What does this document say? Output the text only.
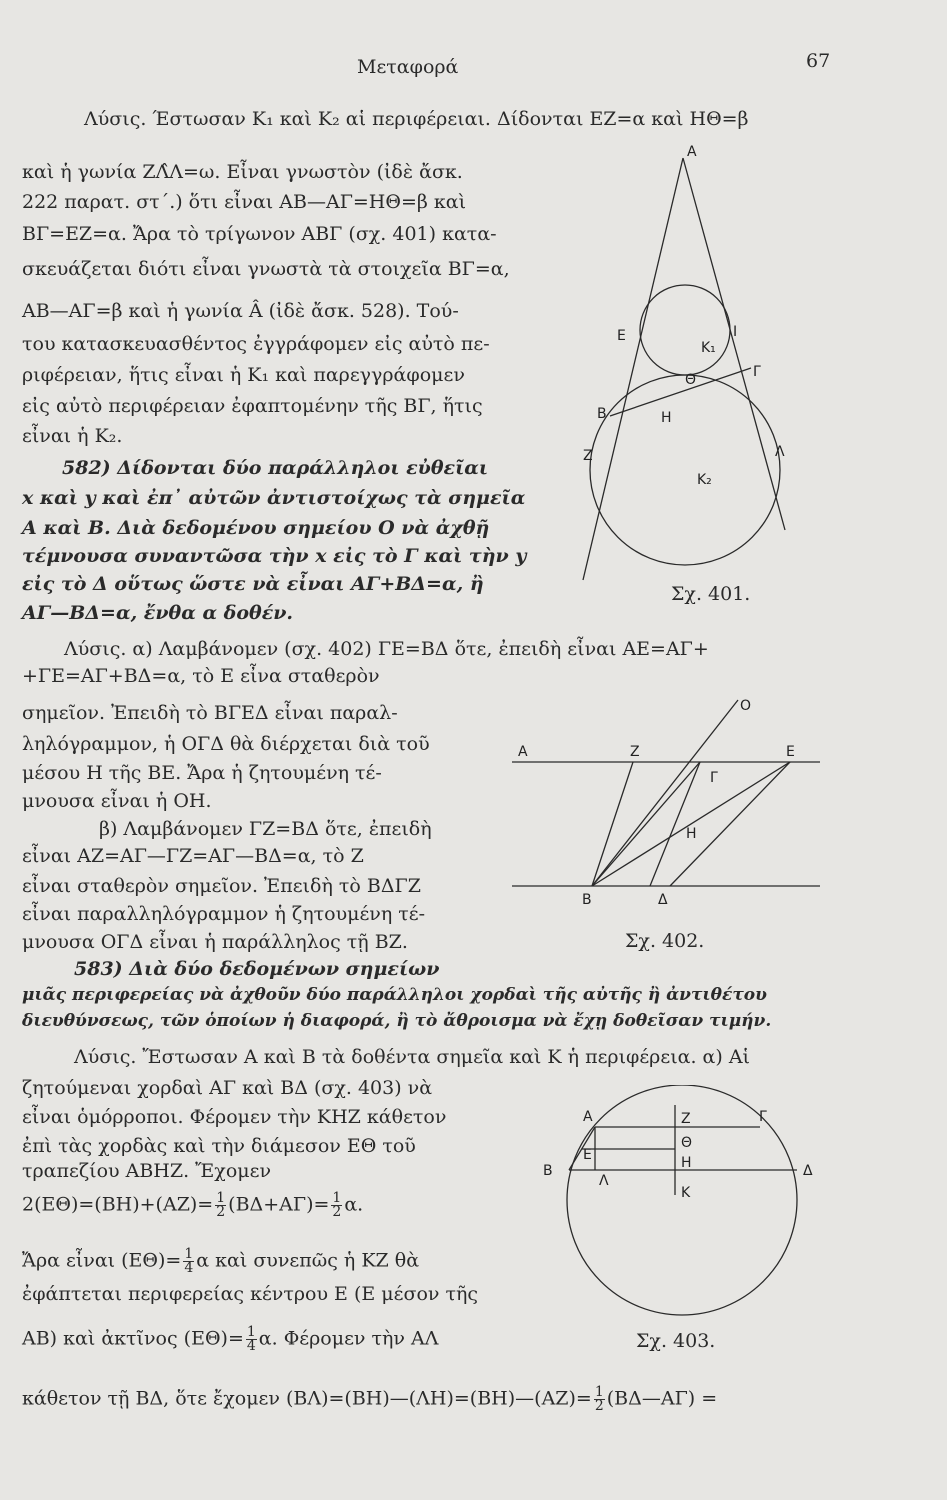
Μεταφορά	67
Λύσις. Έστωσαν Κ₁ καὶ Κ₂ αἱ περιφέρειαι. Δίδονται ΕΖ=α καὶ ΗΘ=β
καὶ ἡ γωνία ΖΛ̂Λ=ω. Εἶναι γνωστὸν (ἰδὲ ἄσκ.
222 παρατ. στ΄.) ὅτι εἶναι ΑΒ—ΑΓ=ΗΘ=β καὶ
ΒΓ=ΕΖ=α. Ἄρα τὸ τρίγωνον ΑΒΓ (σχ. 401) κατα-
σκευάζεται διότι εἶναι γνωστὰ τὰ στοιχεῖα ΒΓ=α,
ΑΒ—ΑΓ=β καὶ ἡ γωνία Â (ἰδὲ ἄσκ. 528). Τού-
του κατασκευασθέντος ἐγγράφομεν εἰς αὐτὸ πε-
ριφέρειαν, ἥτις εἶναι ἡ Κ₁ καὶ παρεγγράφομεν
εἰς αὐτὸ περιφέρειαν ἐφαπτομένην τῆς ΒΓ, ἥτις
εἶναι ἡ Κ₂.
582) Δίδονται δύο παράλληλοι εὐθεῖαι
x καὶ y καὶ ἐπ᾽ αὐτῶν ἀντιστοίχως τὰ σημεῖα
Α καὶ Β. Διὰ δεδομένου σημείου Ο νὰ ἀχθῇ
τέμνουσα συναντῶσα τὴν x εἰς τὸ Γ καὶ τὴν y
εἰς τὸ Δ οὕτως ὥστε νὰ εἶναι ΑΓ+ΒΔ=α, ἢ
ΑΓ—ΒΔ=α, ἔνθα α δοθέν.
Α
Ε	Ι
Κ₁
Θ	Γ
Β	Η
Ζ	Λ
Κ₂
Σχ. 401.
Λύσις. α) Λαμβάνομεν (σχ. 402) ΓΕ=ΒΔ ὅτε, ἐπειδὴ εἶναι ΑΕ=ΑΓ+
+ΓΕ=ΑΓ+ΒΔ=α, τὸ Ε εἶνα σταθερὸν
σημεῖον. Ἐπειδὴ τὸ ΒΓΕΔ εἶναι παραλ-
ληλόγραμμον, ἡ ΟΓΔ θὰ διέρχεται διὰ τοῦ
μέσου Η τῆς ΒΕ. Ἄρα ἡ ζητουμένη τέ-
μνουσα εἶναι ἡ ΟΗ.
β) Λαμβάνομεν ΓΖ=ΒΔ ὅτε, ἐπειδὴ
εἶναι ΑΖ=ΑΓ—ΓΖ=ΑΓ—ΒΔ=α, τὸ Ζ
εἶναι σταθερὸν σημεῖον. Ἐπειδὴ τὸ ΒΔΓΖ
εἶναι παραλληλόγραμμον ἡ ζητουμένη τέ-
μνουσα ΟΓΔ εἶναι ἡ παράλληλος τῇ ΒΖ.
Ο
Α	Ζ	Ε
Γ
Η
Β	Δ
Σχ. 402.
583) Διὰ δύο δεδομένων σημείων
μιᾶς περιφερείας νὰ ἀχθοῦν δύο παράλληλοι χορδαὶ τῆς αὐτῆς ἢ ἀντιθέτου
διευθύνσεως, τῶν ὁποίων ἡ διαφορά, ἢ τὸ ἄθροισμα νὰ ἔχῃ δοθεῖσαν τιμήν.
Λύσις. Ἔστωσαν Α καὶ Β τὰ δοθέντα σημεῖα καὶ Κ ἡ περιφέρεια. α) Αἱ
ζητούμεναι χορδαὶ ΑΓ καὶ ΒΔ (σχ. 403) νὰ
εἶναι ὁμόρροποι. Φέρομεν τὴν ΚΗΖ κάθετον
ἐπὶ τὰς χορδὰς καὶ τὴν διάμεσον ΕΘ τοῦ
τραπεζίου ΑΒΗΖ. Ἔχομεν
$2(E\Theta)=(BH)+(AZ)= \frac{1}{2} (B\Delta+A\Gamma)= \frac{1}{2} \alpha$.
Ἄρα εἶναι $(E\Theta)= \frac{1}{4}$ α καὶ συνεπῶς ἡ ΚΖ θὰ
ἐφάπτεται περιφερείας κέντρου Ε (Ε μέσον τῆς
ΑΒ) καὶ ἀκτῖνος $(E\Theta)= \frac{1}{4} \alpha$. Φέρομεν τὴν ΑΛ
κάθετον τῇ ΒΔ, ὅτε ἔχομεν (ΒΛ)=(ΒΗ)—(ΛΗ)=(ΒΗ)—(ΑΖ)= $\frac{1}{2}$ (ΒΔ—ΑΓ) =
Α	Ζ	Γ
Ε
Θ
Β	Η	Δ
Λ
Κ
Σχ. 403.
